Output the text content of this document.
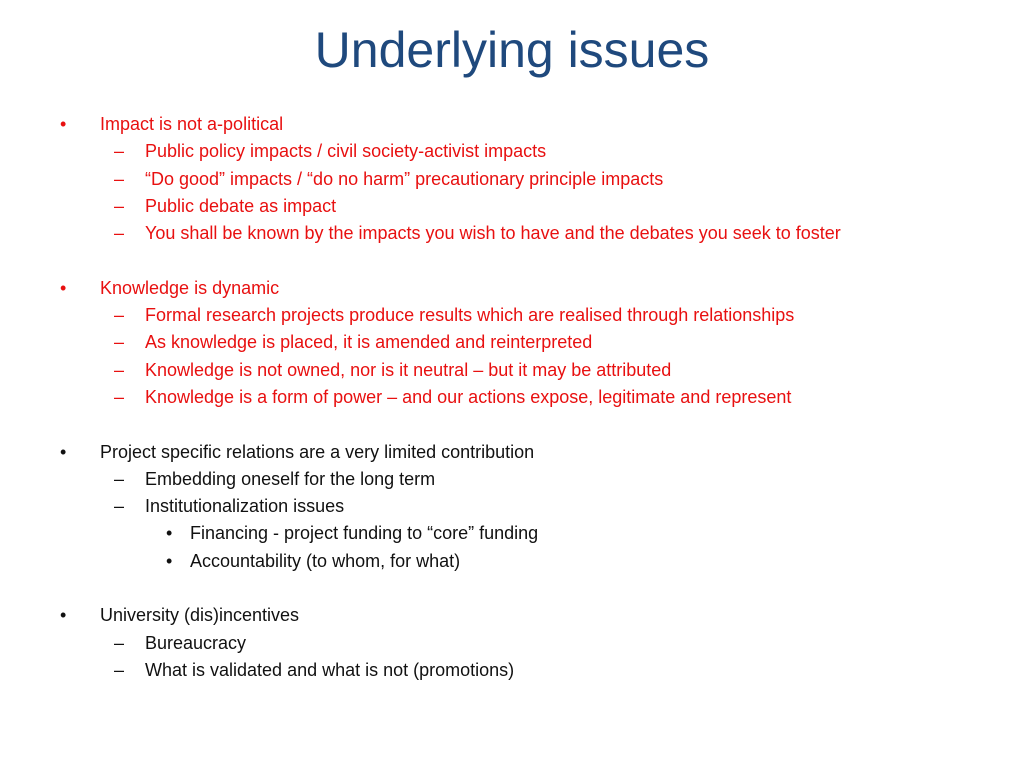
Underlying issues
• Impact is not a-political
– Public policy impacts / civil society-activist impacts
– “Do good” impacts / “do no harm” precautionary principle impacts
– Public debate as impact
– You shall be known by the impacts you wish to have and the debates you seek to foster
• Knowledge is dynamic
– Formal research projects produce results which are realised through relationships
– As knowledge is placed, it is amended and reinterpreted
– Knowledge is not owned, nor is it neutral – but it may be attributed
– Knowledge is a form of power – and our actions expose, legitimate and represent
• Project specific relations are a very limited contribution
– Embedding oneself for the long term
– Institutionalization issues
• Financing - project funding to “core” funding
• Accountability (to whom, for what)
• University (dis)incentives
– Bureaucracy
– What is validated and what is not (promotions)
